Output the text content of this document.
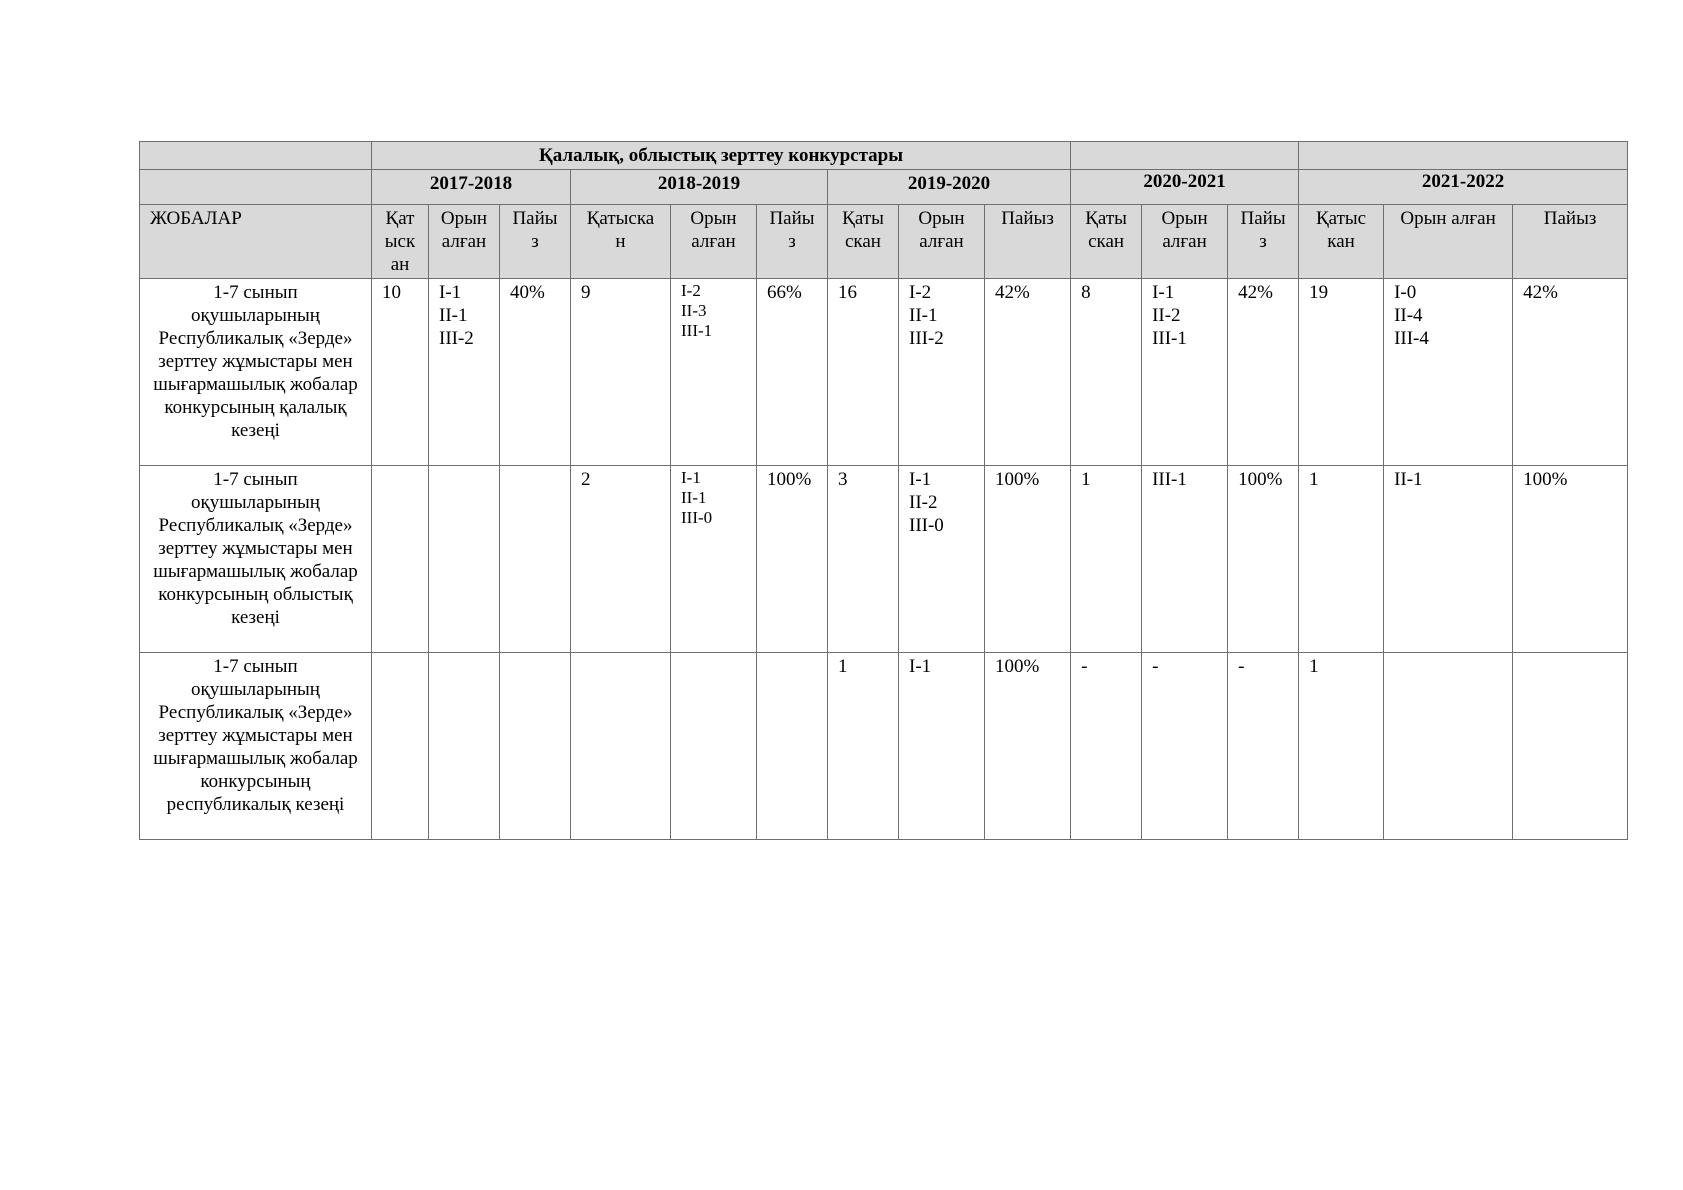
	Қалалық, облыстық зерттеу конкурстары														
	2017-2018			2018-2019			2019-2020			2020-2021			2021-2022		
ЖОБАЛАР	Қат
ыск
ан	Орын
алған	Пайы
з	Қатыска
н	Орын
алған	Пайы
з	Қаты
скан	Орын
алған	Пайыз	Қаты
скан	Орын
алған	Пайы
з	Қатыс
кан	Орын алған	Пайыз
1-7 сынып оқушыларының Республикалық «Зерде» зерттеу жұмыстары мен шығармашылық жобалар конкурсының қалалық кезеңі	10	I-1
II-1
III-2	40%	9	I-2
II-3
III-1	66%	16	I-2
II-1
III-2	42%	8	I-1
II-2
III-1	42%	19	I-0
II-4
III-4	42%
1-7 сынып оқушыларының Республикалық «Зерде» зерттеу жұмыстары мен шығармашылық жобалар конкурсының облыстық кезеңі				2	I-1
II-1
III-0	100%	3	I-1
II-2
III-0	100%	1	III-1	100%	1	II-1	100%
1-7 сынып оқушыларының Республикалық «Зерде» зерттеу жұмыстары мен шығармашылық жобалар конкурсының республикалық кезеңі							1	I-1	100%	-	-	-	1		
